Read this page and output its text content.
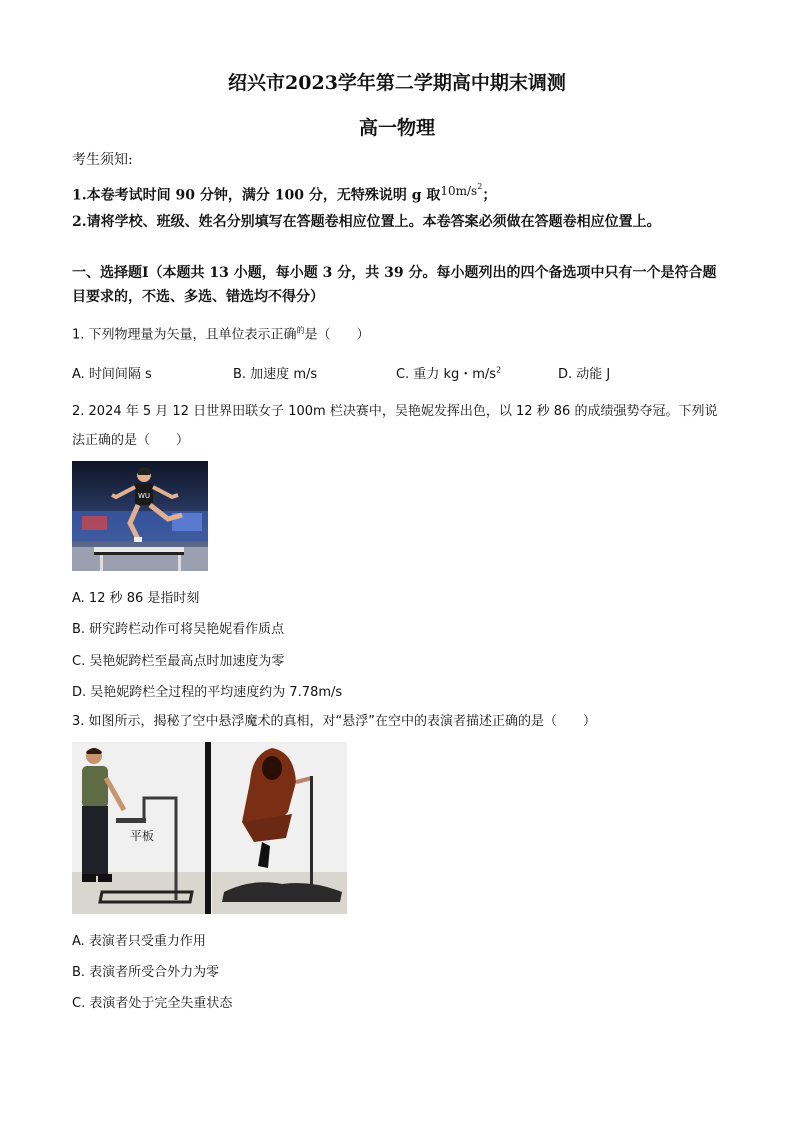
绍兴市2023学年第二学期高中期末调测
高一物理
考生须知:
1.本卷考试时间 90 分钟，满分 100 分，无特殊说明 g 取$10m/s^2$；
2.请将学校、班级、姓名分别填写在答题卷相应位置上。本卷答案必须做在答题卷相应位置上。
一、选择题Ⅰ（本题共 13 小题，每小题 3 分，共 39 分。每小题列出的四个备选项中只有一个是符合题目要求的，不选、多选、错选均不得分）
1. 下列物理量为矢量，且单位表示正确$^的$是（　　）
A. 时间间隔 s	B. 加速度 m/s	C. 重力 kg・$m/s^2$	D. 动能 J
2. 2024 年 5 月 12 日世界田联女子 100m 栏决赛中，吴艳妮发挥出色，以 12 秒 86 的成绩强势夺冠。下列说法正确的是（　　）
WU
A. 12 秒 86 是指时刻
B. 研究跨栏动作可将吴艳妮看作质点
C. 吴艳妮跨栏至最高点时加速度为零
D. 吴艳妮跨栏全过程的平均速度约为 7.78m/s
3. 如图所示，揭秘了空中悬浮魔术的真相，对“悬浮”在空中的表演者描述正确的是（　　）
平板
A. 表演者只受重力作用
B. 表演者所受合外力为零
C. 表演者处于完全失重状态
